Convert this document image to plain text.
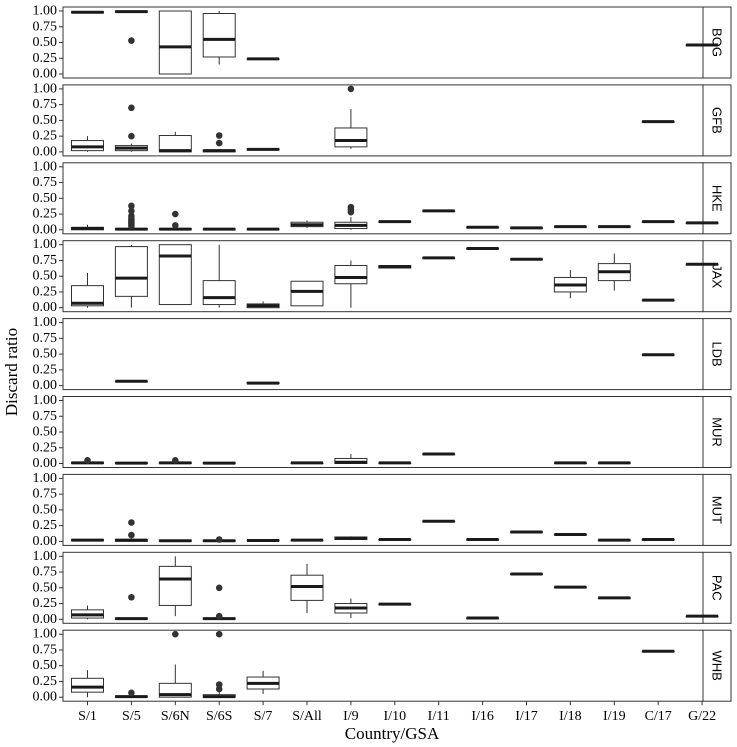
BOG
0.00
0.25
0.50
0.75
1.00
GFB
0.00
0.25
0.50
0.75
1.00
HKE
0.00
0.25
0.50
0.75
1.00
JAX
0.00
0.25
0.50
0.75
1.00
LDB
0.00
0.25
0.50
0.75
1.00
MUR
0.00
0.25
0.50
0.75
1.00
MUT
0.00
0.25
0.50
0.75
1.00
PAC
0.00
0.25
0.50
0.75
1.00
WHB
0.00
0.25
0.50
0.75
1.00
S/1 S/5 S/6N S/6S S/7 S/All I/9 I/10 I/11 I/16 I/17 I/18 I/19 C/17 G/22
Country/GSA
Discard ratio
